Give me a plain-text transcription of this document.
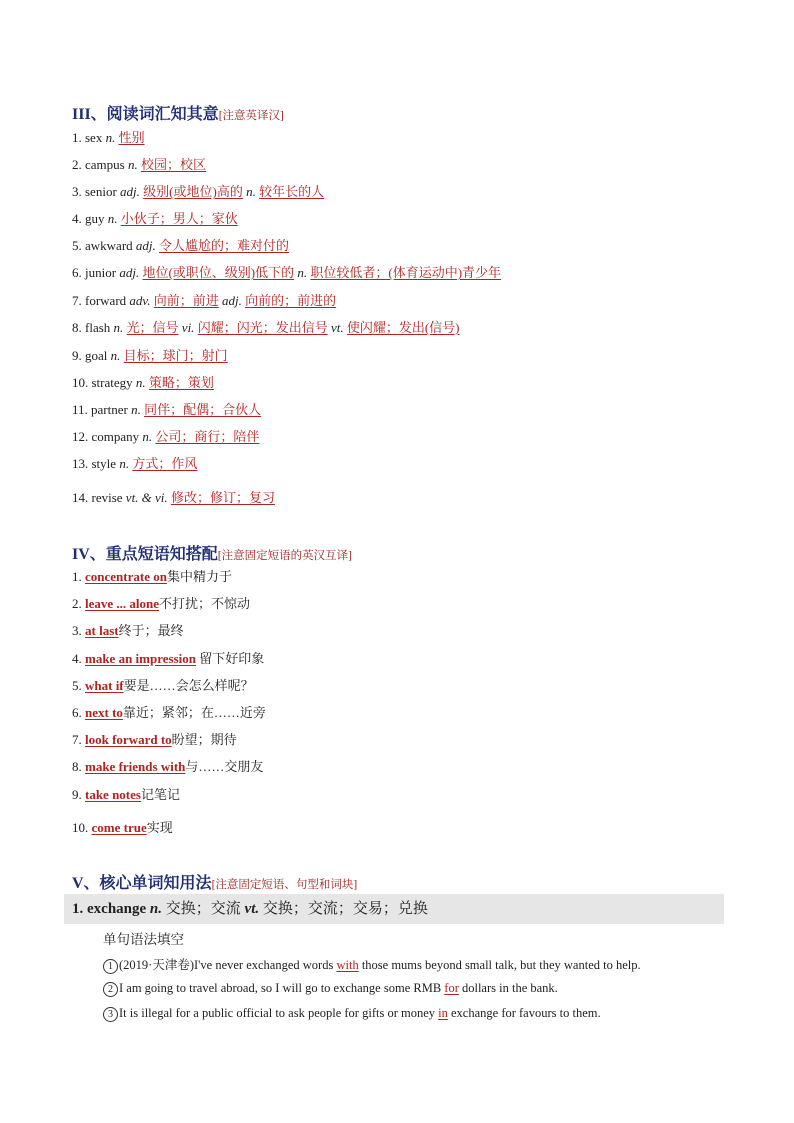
III、阅读词汇知其意[注意英译汉]
1. sex n. 性别
2. campus n. 校园；校区
3. senior adj. 级别(或地位)高的 n. 较年长的人
4. guy n. 小伙子；男人；家伙
5. awkward adj. 令人尴尬的；难对付的
6. junior adj. 地位(或职位、级别)低下的 n. 职位较低者；(体育运动中)青少年
7. forward adv. 向前；前进 adj. 向前的；前进的
8. flash n. 光；信号 vi. 闪耀；闪光；发出信号 vt. 使闪耀；发出(信号)
9. goal n. 目标；球门；射门
10. strategy n. 策略；策划
11. partner n. 同伴；配偶；合伙人
12. company n. 公司；商行；陪伴
13. style n. 方式；作风
14. revise vt. & vi. 修改；修订；复习
IV、重点短语知搭配[注意固定短语的英汉互译]
1. concentrate on集中精力于
2. leave ... alone不打扰；不惊动
3. at last终于；最终
4. make an impression 留下好印象
5. what if要是……会怎么样呢？
6. next to靠近；紧邻；在……近旁
7. look forward to盼望；期待
8. make friends with与……交朋友
9. take notes记笔记
10. come true实现
V、核心单词知用法[注意固定短语、句型和词块]
1. exchange n. 交换；交流 vt. 交换；交流；交易；兑换
单句语法填空
1 (2019·天津卷)I've never exchanged words with those mums beyond small talk, but they wanted to help.
2 I am going to travel abroad, so I will go to exchange some RMB for dollars in the bank.
3 It is illegal for a public official to ask people for gifts or money in exchange for favours to them.
